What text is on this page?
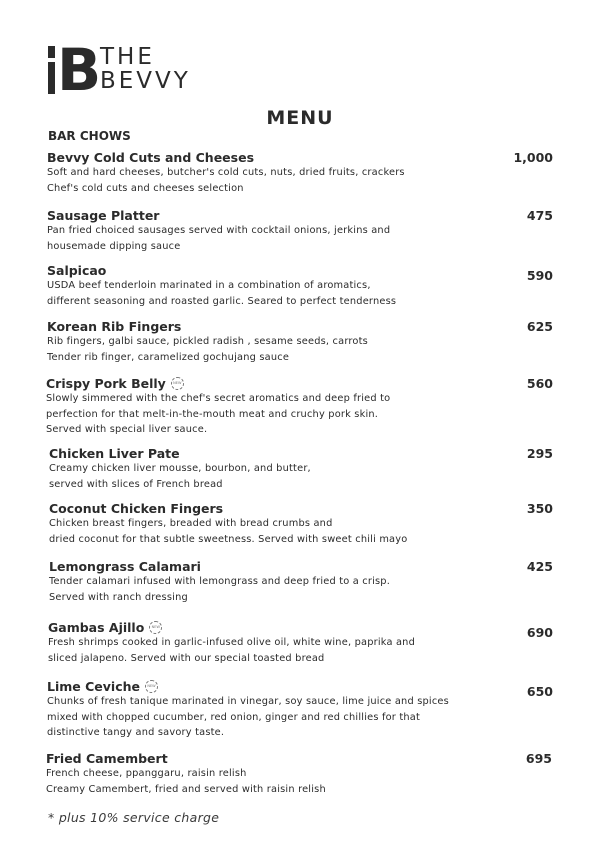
B THE
BEVVY
MENU
BAR CHOWS
Bevvy Cold Cuts and Cheeses	1,000
Soft and hard cheeses, butcher's cold cuts, nuts, dried fruits, crackers
Chef's cold cuts and cheeses selection
Sausage Platter	475
Pan fried choiced sausages served with cocktail onions, jerkins and
housemade dipping sauce
Salpicao	590
USDA beef tenderloin marinated in a combination of aromatics,
different seasoning and roasted garlic. Seared to perfect tenderness
Korean Rib Fingers	625
Rib fingers, galbi sauce, pickled radish , sesame seeds, carrots
Tender rib finger, caramelized gochujang sauce
Crispy Pork Belly	NEW	560
Slowly simmered with the chef's secret aromatics and deep fried to
perfection for that melt-in-the-mouth meat and cruchy pork skin.
Served with special liver sauce.
Chicken Liver Pate	295
Creamy chicken liver mousse, bourbon, and butter,
served with slices of French bread
Coconut Chicken Fingers	350
Chicken breast fingers, breaded with bread crumbs and
dried coconut for that subtle sweetness. Served with sweet chili mayo
Lemongrass Calamari	425
Tender calamari infused with lemongrass and deep fried to a crisp.
Served with ranch dressing
Gambas Ajillo	NEW	690
Fresh shrimps cooked in garlic-infused olive oil, white wine, paprika and
sliced jalapeno. Served with our special toasted bread
Lime Ceviche	NEW	650
Chunks of fresh tanique marinated in vinegar, soy sauce, lime juice and spices
mixed with chopped cucumber, red onion, ginger and red chillies for that
distinctive tangy and savory taste.
Fried Camembert	695
French cheese, ppanggaru, raisin relish
Creamy Camembert, fried and served with raisin relish
* plus 10% service charge
